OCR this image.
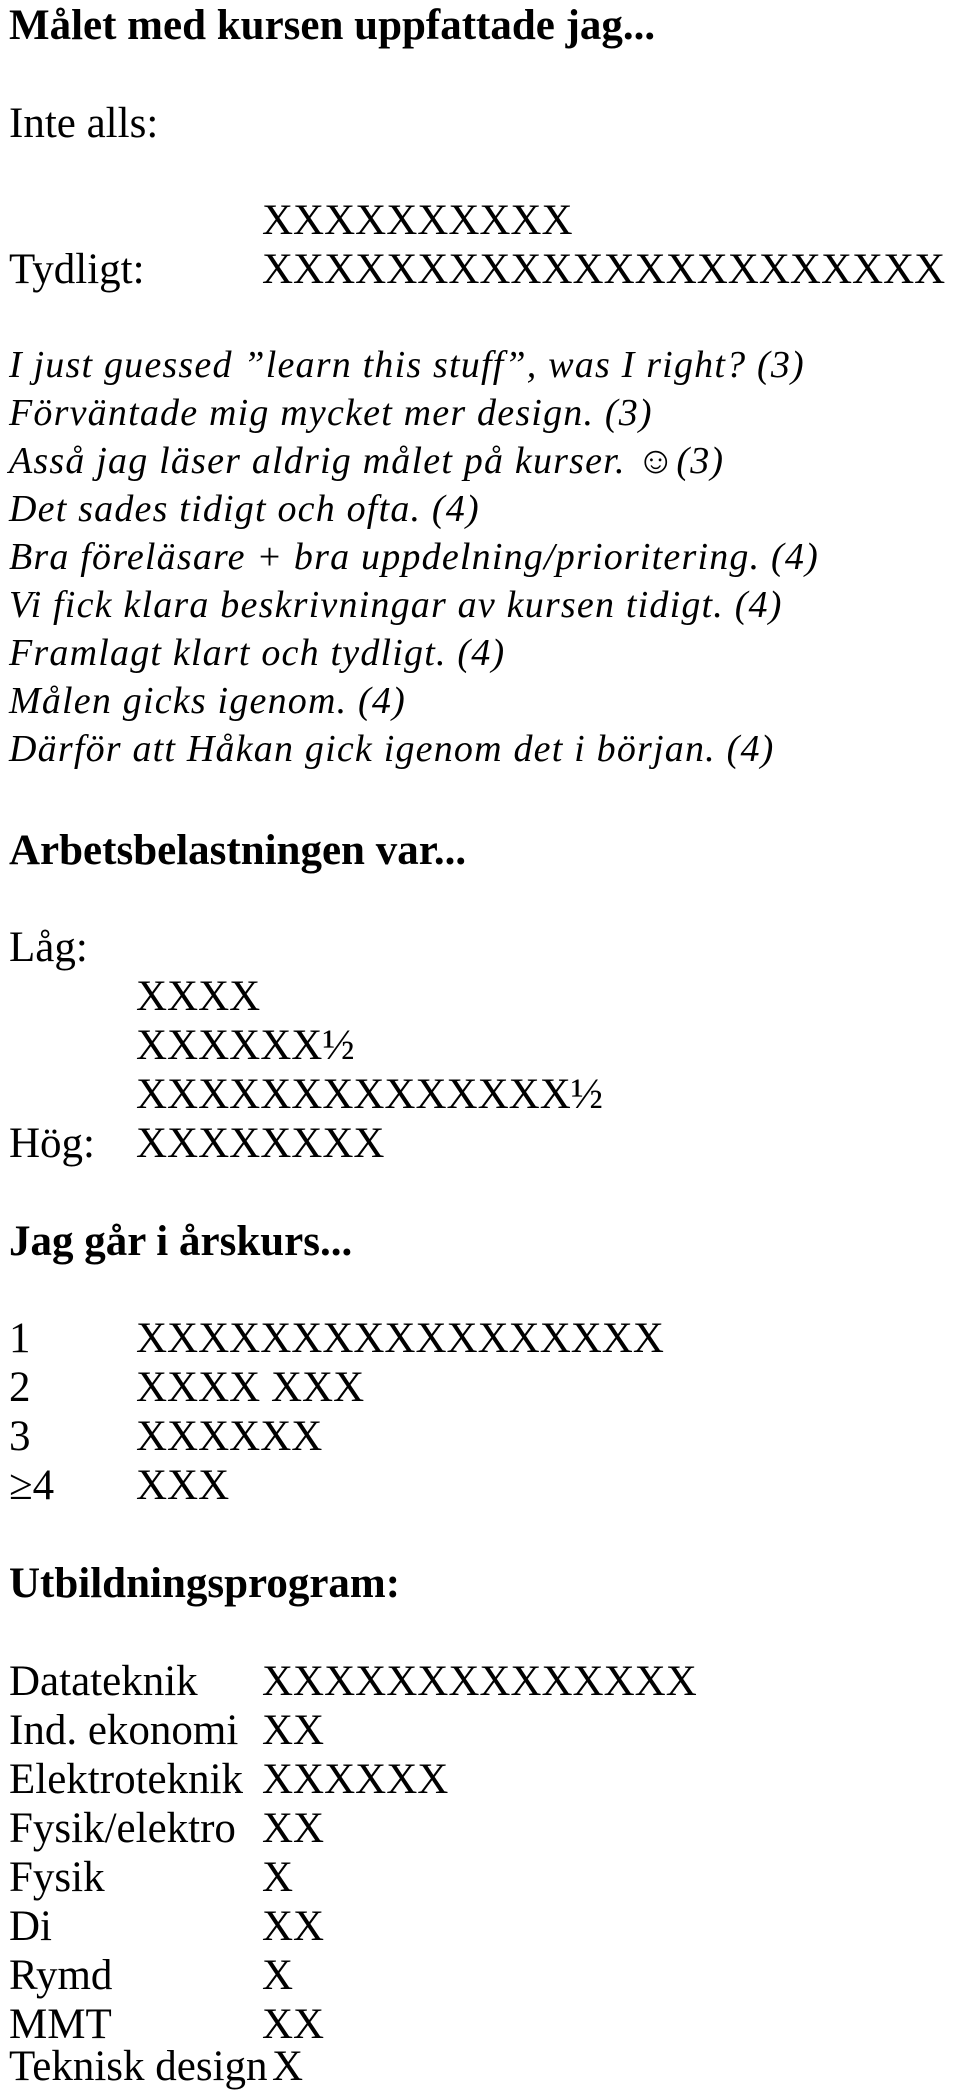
Målet med kursen uppfattade jag...
Inte alls:
XXXXXXXXXX
Tydligt:	XXXXXXXXXXXXXXXXXXXXXX
I just guessed ”learn this stuff”, was I right? (3)
Förväntade mig mycket mer design. (3)
Asså jag läser aldrig målet på kurser. ☺(3)
Det sades tidigt och ofta. (4)
Bra föreläsare + bra uppdelning/prioritering. (4)
Vi fick klara beskrivningar av kursen tidigt. (4)
Framlagt klart och tydligt. (4)
Målen gicks igenom. (4)
Därför att Håkan gick igenom det i början. (4)
Arbetsbelastningen var...
Låg:
XXXX
XXXXXX½
XXXXXXXXXXXXXX½
Hög: XXXXXXXX
Jag går i årskurs...
1 XXXXXXXXXXXXXXXXX
2 XXXX XXX
3 XXXXXX
≥4 XXX
Utbildningsprogram:
Datateknik XXXXXXXXXXXXXX
Ind. ekonomi XX
Elektroteknik XXXXXX
Fysik/elektro XX
Fysik	X
Di	XX
Rymd	X
MMT	XX
Teknisk design X
